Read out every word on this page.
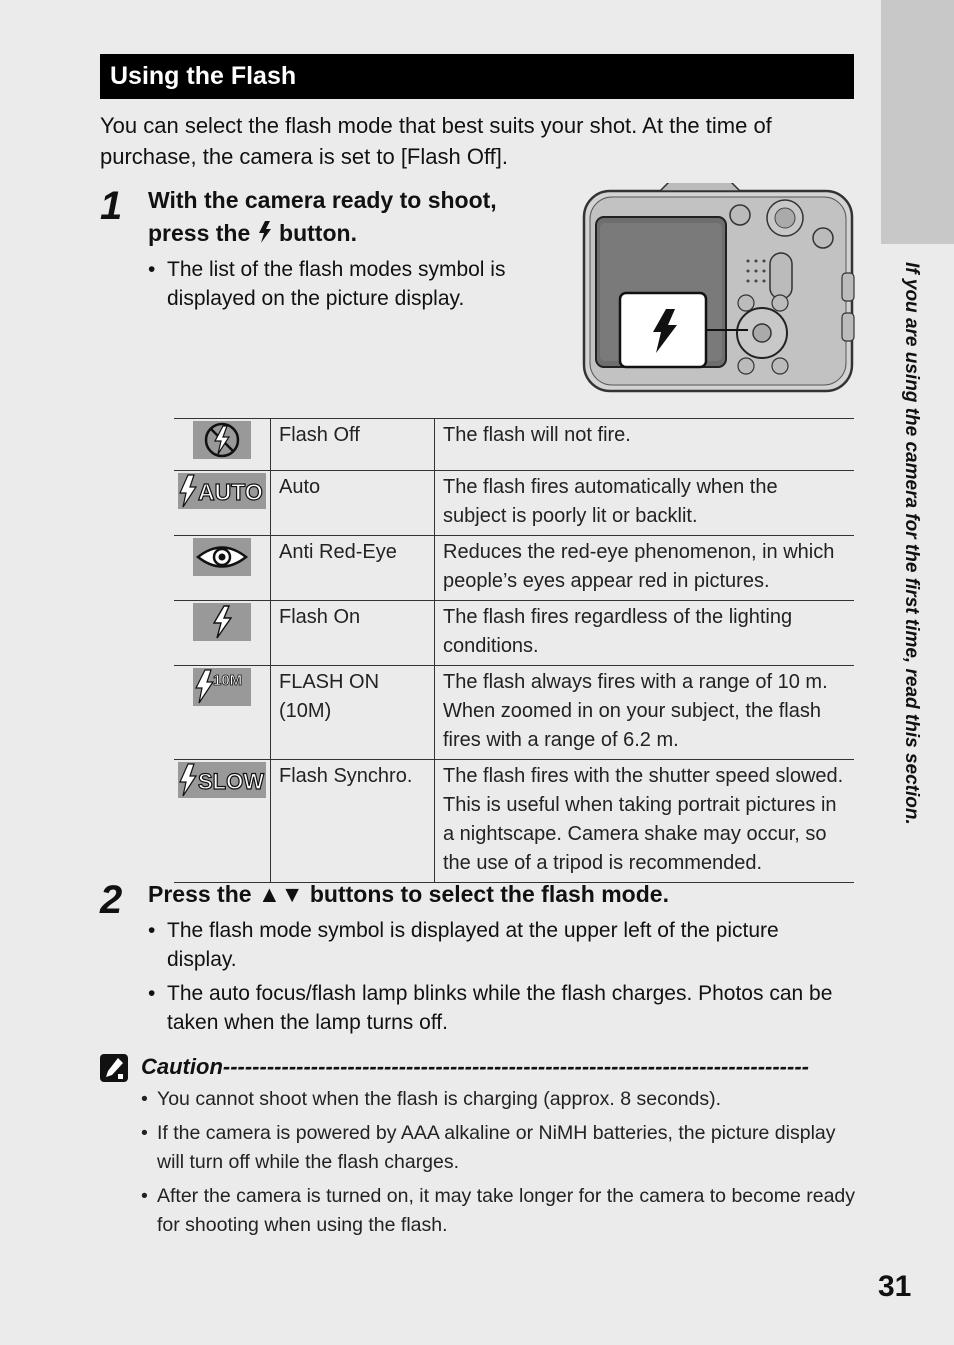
If you are using the camera for the first time, read this section.
Using the Flash
You can select the flash mode that best suits your shot. At the time of purchase, the camera is set to [Flash Off].
1 With the camera ready to shoot,
press the button.
• The list of the flash modes symbol is displayed on the picture display.
	Flash Off	The flash will not fire.

AUTO	Auto	The flash fires automatically when the subject is poorly lit or backlit.
	Anti Red-Eye	Reduces the red-eye phenomenon, in which people’s eyes appear red in pictures.
	Flash On	The flash fires regardless of the lighting conditions.

10M	FLASH ON (10M)	The flash always fires with a range of 10 m. When zoomed in on your subject, the flash fires with a range of 6.2 m.

SLOW	Flash Synchro.	The flash fires with the shutter speed slowed. This is useful when taking portrait pictures in a nightscape. Camera shake may occur, so the use of a tripod is recommended.
2 Press the ▲▼ buttons to select the flash mode.
• The flash mode symbol is displayed at the upper left of the picture display.
• The auto focus/flash lamp blinks while the flash charges. Photos can be taken when the lamp turns off.
Caution--------------------------------------------------------------------------------
• You cannot shoot when the flash is charging (approx. 8 seconds).
• If the camera is powered by AAA alkaline or NiMH batteries, the picture display will turn off while the flash charges.
• After the camera is turned on, it may take longer for the camera to become ready for shooting when using the flash.
31
